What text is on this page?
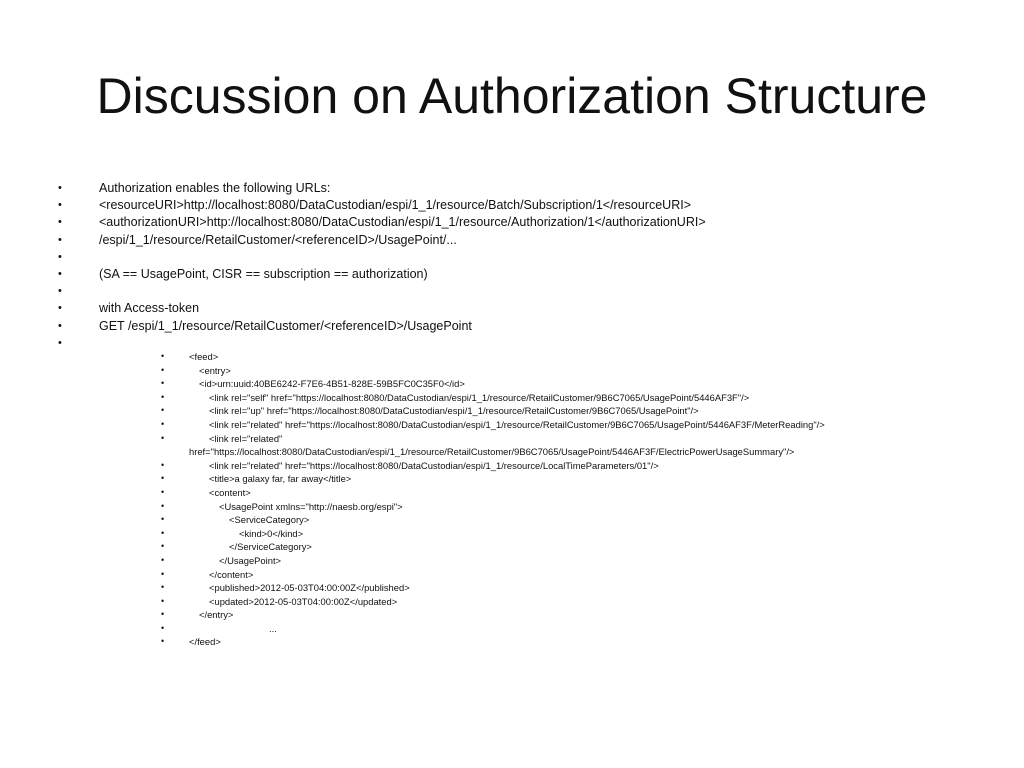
Discussion on Authorization Structure
•	Authorization enables the following URLs:
•	<resourceURI>http://localhost:8080/DataCustodian/espi/1_1/resource/Batch/Subscription/1</resourceURI>
•	<authorizationURI>http://localhost:8080/DataCustodian/espi/1_1/resource/Authorization/1</authorizationURI>
•	/espi/1_1/resource/RetailCustomer/<referenceID>/UsagePoint/...
•
•	(SA == UsagePoint, CISR == subscription == authorization)
•
•	with Access-token
•	GET /espi/1_1/resource/RetailCustomer/<referenceID>/UsagePoint
•
•	<feed>
•	<entry>
•	<id>urn:uuid:40BE6242-F7E6-4B51-828E-59B5FC0C35F0</id>
•	<link rel="self" href="https://localhost:8080/DataCustodian/espi/1_1/resource/RetailCustomer/9B6C7065/UsagePoint/5446AF3F"/>
•	<link rel="up" href="https://localhost:8080/DataCustodian/espi/1_1/resource/RetailCustomer/9B6C7065/UsagePoint"/>
•	<link rel="related" href="https://localhost:8080/DataCustodian/espi/1_1/resource/RetailCustomer/9B6C7065/UsagePoint/5446AF3F/MeterReading"/>
•	<link rel="related"
href="https://localhost:8080/DataCustodian/espi/1_1/resource/RetailCustomer/9B6C7065/UsagePoint/5446AF3F/ElectricPowerUsageSummary"/>
•	<link rel="related" href="https://localhost:8080/DataCustodian/espi/1_1/resource/LocalTimeParameters/01"/>
•	<title>a galaxy far, far away</title>
•	<content>
•	<UsagePoint xmlns="http://naesb.org/espi">
•	<ServiceCategory>
•	<kind>0</kind>
•	</ServiceCategory>
•	</UsagePoint>
•	</content>
•	<published>2012-05-03T04:00:00Z</published>
•	<updated>2012-05-03T04:00:00Z</updated>
•	</entry>
•	...
•	</feed>
